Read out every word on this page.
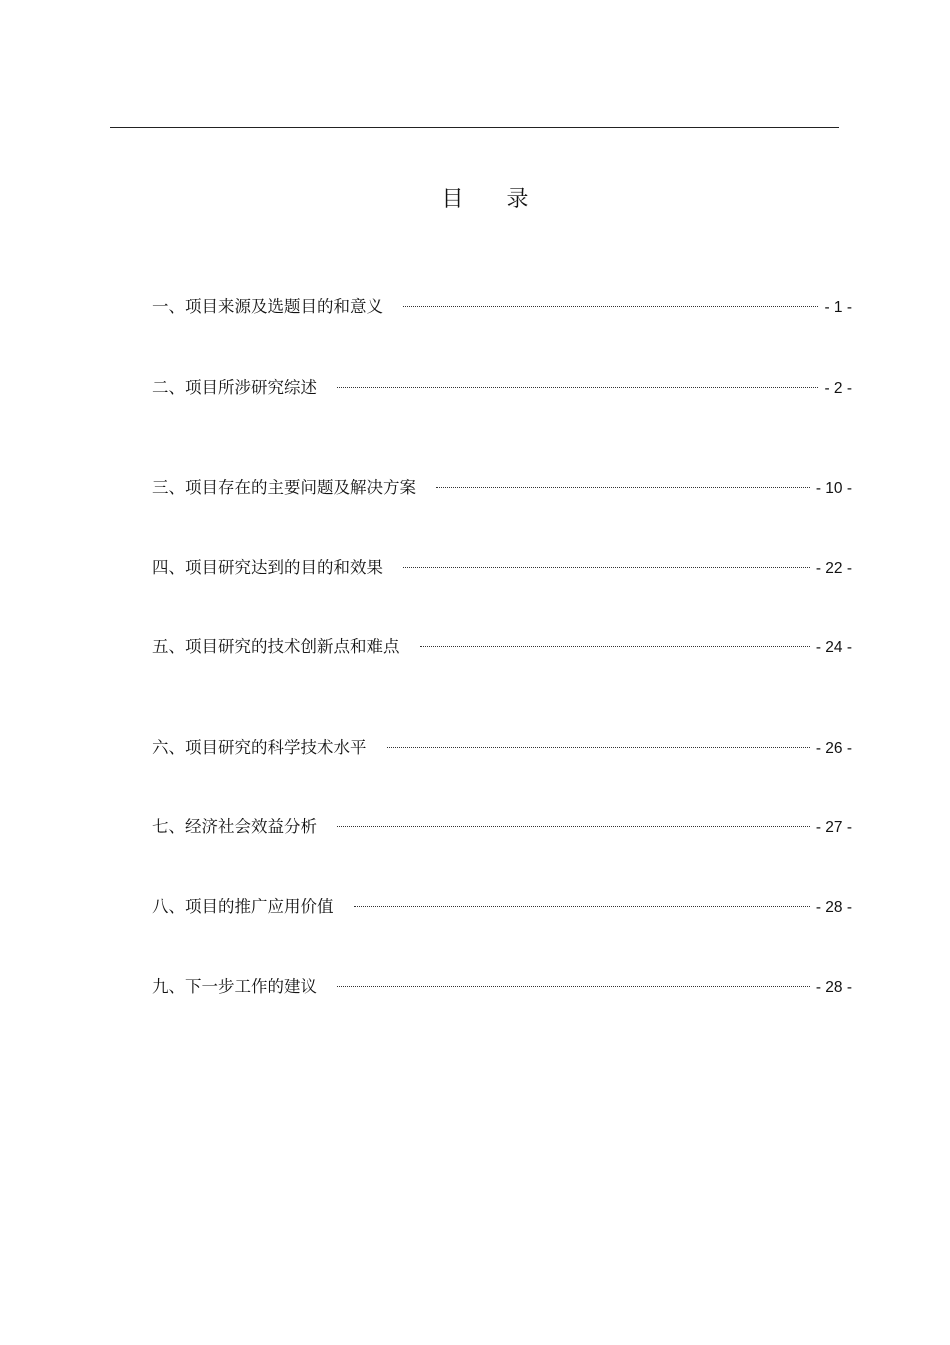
目 录
一、项目来源及选题目的和意义	- 1 -
二、项目所涉研究综述	- 2 -
三、项目存在的主要问题及解决方案	- 10 -
四、项目研究达到的目的和效果	- 22 -
五、项目研究的技术创新点和难点	- 24 -
六、项目研究的科学技术水平	- 26 -
七、经济社会效益分析	- 27 -
八、项目的推广应用价值	- 28 -
九、下一步工作的建议	- 28 -
